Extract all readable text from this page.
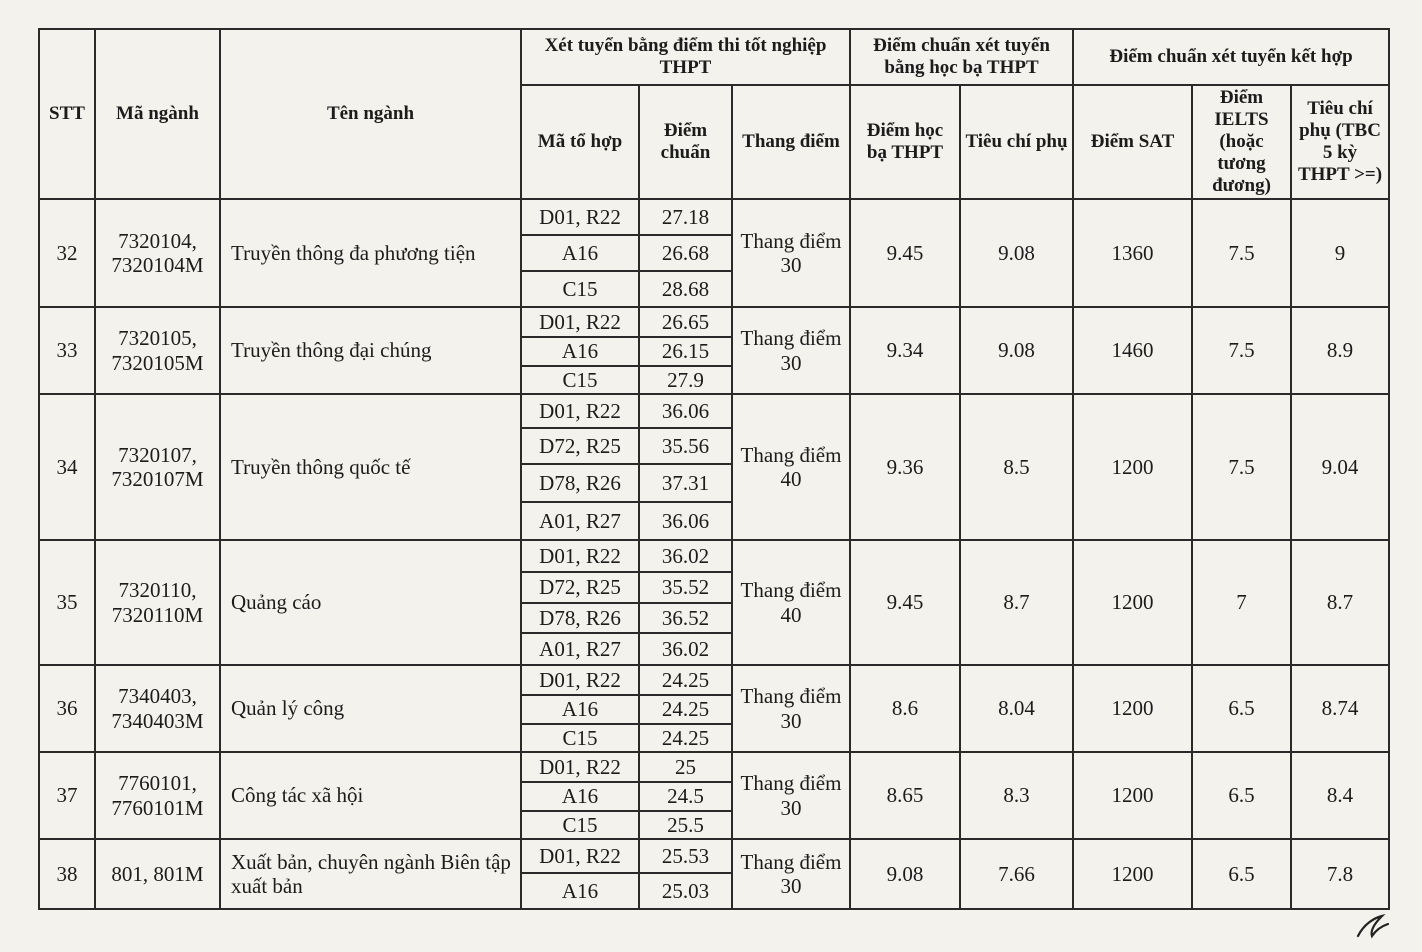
STT	Mã ngành	Tên ngành	Xét tuyển bằng điểm thi tốt nghiệp THPT			Điểm chuẩn xét tuyển bằng học bạ THPT		Điểm chuẩn xét tuyển kết hợp		
			Mã tổ hợp	Điểm chuẩn	Thang điểm	Điểm học bạ THPT	Tiêu chí phụ	Điểm SAT	Điểm IELTS (hoặc tương đương)	Tiêu chí phụ (TBC 5 kỳ THPT >=)
32	7320104, 7320104M	Truyền thông đa phương tiện	D01, R22	27.18	Thang điểm 30	9.45	9.08	1360	7.5	9
			A16	26.68						
			C15	28.68						
33	7320105, 7320105M	Truyền thông đại chúng	D01, R22	26.65	Thang điểm 30	9.34	9.08	1460	7.5	8.9
			A16	26.15						
			C15	27.9						
34	7320107, 7320107M	Truyền thông quốc tế	D01, R22	36.06	Thang điểm 40	9.36	8.5	1200	7.5	9.04
			D72, R25	35.56						
			D78, R26	37.31						
			A01, R27	36.06						
35	7320110, 7320110M	Quảng cáo	D01, R22	36.02	Thang điểm 40	9.45	8.7	1200	7	8.7
			D72, R25	35.52						
			D78, R26	36.52						
			A01, R27	36.02						
36	7340403, 7340403M	Quản lý công	D01, R22	24.25	Thang điểm 30	8.6	8.04	1200	6.5	8.74
			A16	24.25						
			C15	24.25						
37	7760101, 7760101M	Công tác xã hội	D01, R22	25	Thang điểm 30	8.65	8.3	1200	6.5	8.4
			A16	24.5						
			C15	25.5						
38	801, 801M	Xuất bản, chuyên ngành Biên tập xuất bản	D01, R22	25.53	Thang điểm 30	9.08	7.66	1200	6.5	7.8
			A16	25.03						
